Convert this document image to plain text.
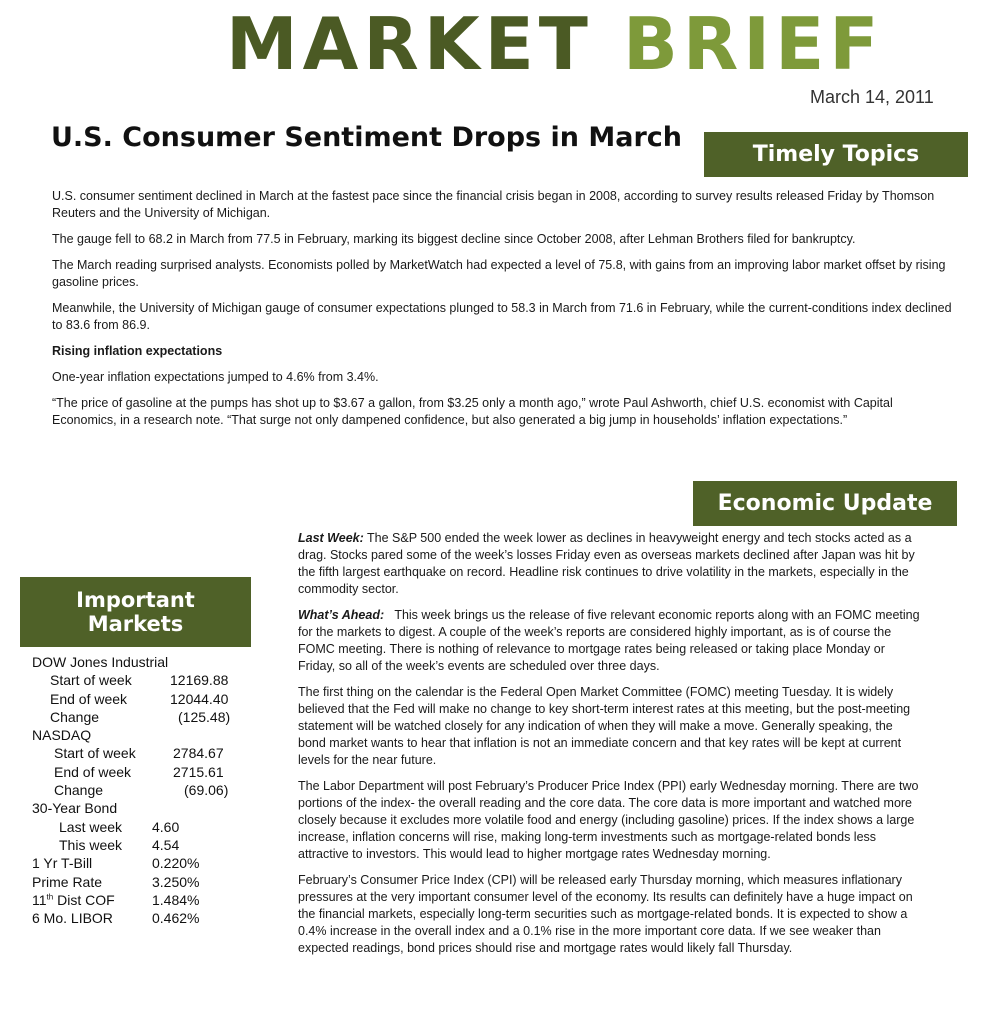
MARKET BRIEF
March 14, 2011
U.S. Consumer Sentiment Drops in March
Timely Topics
Economic Update
Important
Markets

U.S. consumer sentiment declined in March at the fastest pace since the financial crisis began in 2008, according to survey results released Friday by Thomson Reuters and the University of Michigan.

The gauge fell to 68.2 in March from 77.5 in February, marking its biggest decline since October 2008, after Lehman Brothers filed for bankruptcy.

The March reading surprised analysts. Economists polled by MarketWatch had expected a level of 75.8, with gains from an improving labor market offset by rising gasoline prices.

Meanwhile, the University of Michigan gauge of consumer expectations plunged to 58.3 in March from 71.6 in February, while the current-conditions index declined to 83.6 from 86.9.

Rising inflation expectations

One-year inflation expectations jumped to 4.6% from 3.4%.

“The price of gasoline at the pumps has shot up to $3.67 a gallon, from $3.25 only a month ago,” wrote Paul Ashworth, chief U.S. economist with Capital Economics, in a research note. “That surge not only dampened confidence, but also generated a big jump in households’ inflation expectations.”

Last Week: The S&P 500 ended the week lower as declines in heavyweight energy and tech stocks acted as a drag. Stocks pared some of the week’s losses Friday even as overseas markets declined after Japan was hit by the fifth largest earthquake on record. Headline risk continues to drive volatility in the markets, especially in the commodity sector.

What’s Ahead:   This week brings us the release of five relevant economic reports along with an FOMC meeting for the markets to digest. A couple of the week’s reports are considered highly important, as is of course the FOMC meeting. There is nothing of relevance to mortgage rates being released or taking place Monday or Friday, so all of the week’s events are scheduled over three days.

The first thing on the calendar is the Federal Open Market Committee (FOMC) meeting Tuesday. It is widely believed that the Fed will make no change to key short-term interest rates at this meeting, but the post-meeting statement will be watched closely for any indication of when they will make a move. Generally speaking, the bond market wants to hear that inflation is not an immediate concern and that key rates will be kept at current levels for the near future.

The Labor Department will post February’s Producer Price Index (PPI) early Wednesday morning. There are two portions of the index- the overall reading and the core data. The core data is more important and watched more closely because it excludes more volatile food and energy (including gasoline) prices. If the index shows a large increase, inflation concerns will rise, making long-term investments such as mortgage-related bonds less attractive to investors. This would lead to higher mortgage rates Wednesday morning.

February’s Consumer Price Index (CPI) will be released early Thursday morning, which measures inflationary pressures at the very important consumer level of the economy. Its results can definitely have a huge impact on the financial markets, especially long-term securities such as mortgage-related bonds. It is expected to show a 0.4% increase in the overall index and a 0.1% rise in the more important core data. If we see weaker than expected readings, bond prices should rise and mortgage rates would likely fall Thursday.

DOW Jones Industrial
Start of week	12169.88
End of week	12044.40
Change	(125.48)
NASDAQ
Start of week	2784.67
End of week	2715.61
Change	(69.06)
30-Year Bond
Last week	4.60
This week	4.54
1 Yr T-Bill	0.220%
Prime Rate	3.250%
11th Dist COF	1.484%
6 Mo. LIBOR	0.462%
